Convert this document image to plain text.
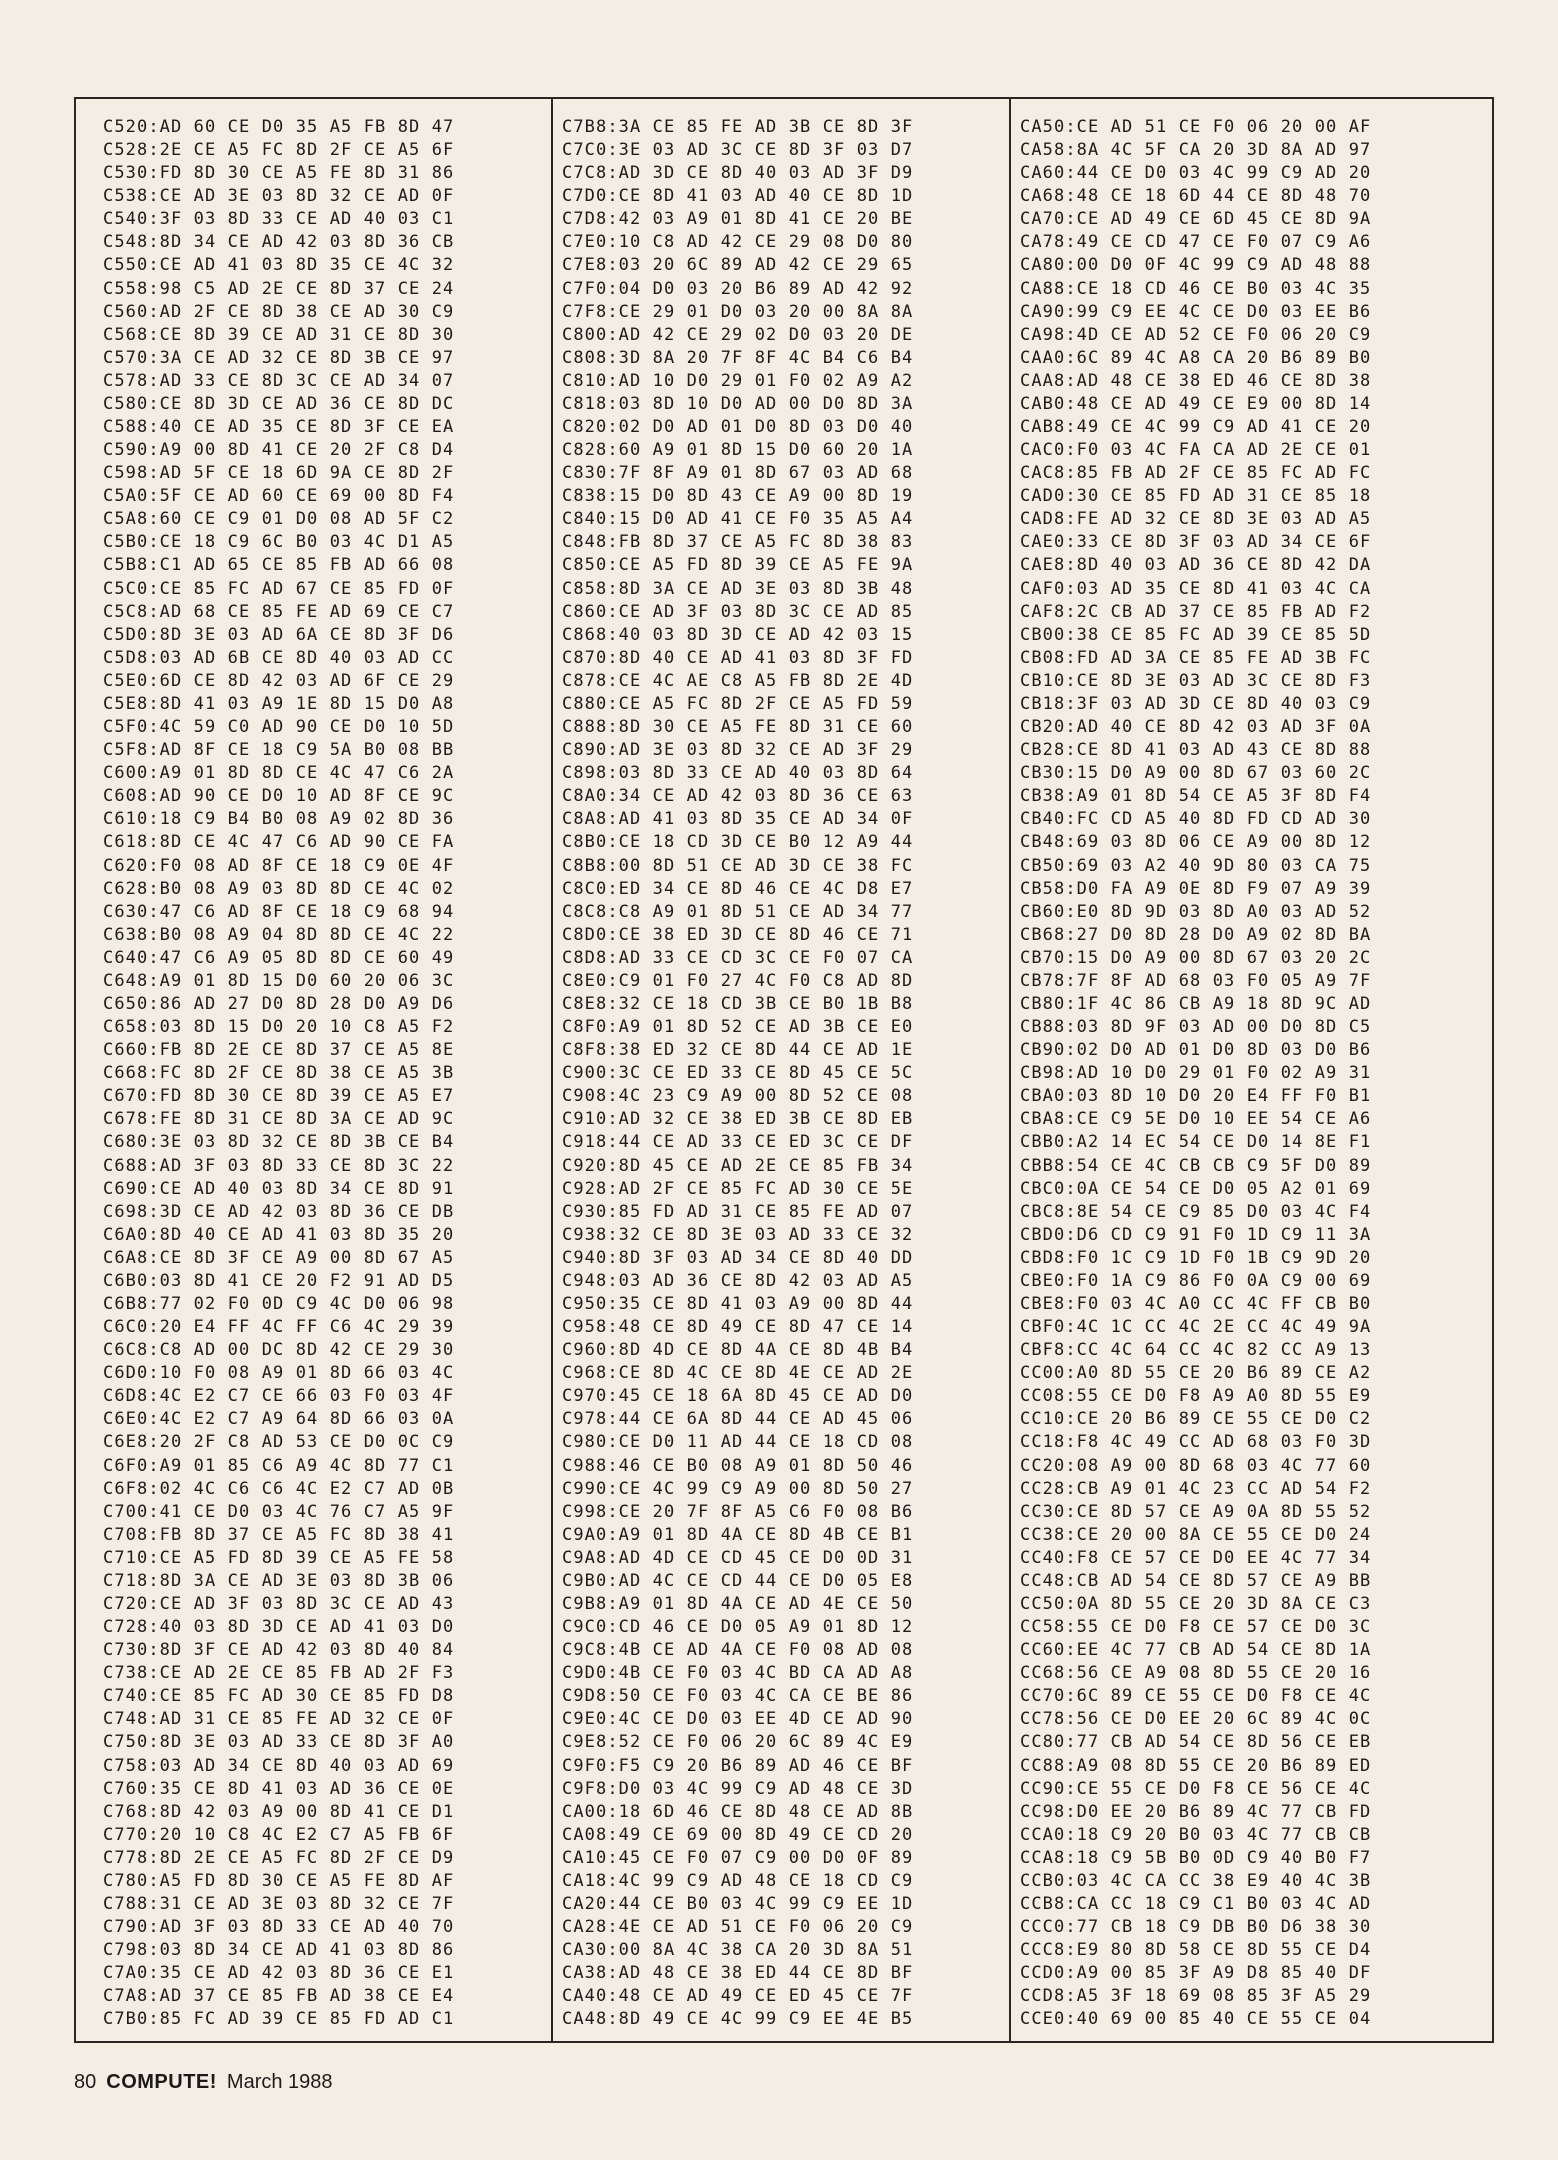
C520:AD 60 CE D0 35 A5 FB 8D 47
C528:2E CE A5 FC 8D 2F CE A5 6F
C530:FD 8D 30 CE A5 FE 8D 31 86
C538:CE AD 3E 03 8D 32 CE AD 0F
C540:3F 03 8D 33 CE AD 40 03 C1
C548:8D 34 CE AD 42 03 8D 36 CB
C550:CE AD 41 03 8D 35 CE 4C 32
C558:98 C5 AD 2E CE 8D 37 CE 24
C560:AD 2F CE 8D 38 CE AD 30 C9
C568:CE 8D 39 CE AD 31 CE 8D 30
C570:3A CE AD 32 CE 8D 3B CE 97
C578:AD 33 CE 8D 3C CE AD 34 07
C580:CE 8D 3D CE AD 36 CE 8D DC
C588:40 CE AD 35 CE 8D 3F CE EA
C590:A9 00 8D 41 CE 20 2F C8 D4
C598:AD 5F CE 18 6D 9A CE 8D 2F
C5A0:5F CE AD 60 CE 69 00 8D F4
C5A8:60 CE C9 01 D0 08 AD 5F C2
C5B0:CE 18 C9 6C B0 03 4C D1 A5
C5B8:C1 AD 65 CE 85 FB AD 66 08
C5C0:CE 85 FC AD 67 CE 85 FD 0F
C5C8:AD 68 CE 85 FE AD 69 CE C7
C5D0:8D 3E 03 AD 6A CE 8D 3F D6
C5D8:03 AD 6B CE 8D 40 03 AD CC
C5E0:6D CE 8D 42 03 AD 6F CE 29
C5E8:8D 41 03 A9 1E 8D 15 D0 A8
C5F0:4C 59 C0 AD 90 CE D0 10 5D
C5F8:AD 8F CE 18 C9 5A B0 08 BB
C600:A9 01 8D 8D CE 4C 47 C6 2A
C608:AD 90 CE D0 10 AD 8F CE 9C
C610:18 C9 B4 B0 08 A9 02 8D 36
C618:8D CE 4C 47 C6 AD 90 CE FA
C620:F0 08 AD 8F CE 18 C9 0E 4F
C628:B0 08 A9 03 8D 8D CE 4C 02
C630:47 C6 AD 8F CE 18 C9 68 94
C638:B0 08 A9 04 8D 8D CE 4C 22
C640:47 C6 A9 05 8D 8D CE 60 49
C648:A9 01 8D 15 D0 60 20 06 3C
C650:86 AD 27 D0 8D 28 D0 A9 D6
C658:03 8D 15 D0 20 10 C8 A5 F2
C660:FB 8D 2E CE 8D 37 CE A5 8E
C668:FC 8D 2F CE 8D 38 CE A5 3B
C670:FD 8D 30 CE 8D 39 CE A5 E7
C678:FE 8D 31 CE 8D 3A CE AD 9C
C680:3E 03 8D 32 CE 8D 3B CE B4
C688:AD 3F 03 8D 33 CE 8D 3C 22
C690:CE AD 40 03 8D 34 CE 8D 91
C698:3D CE AD 42 03 8D 36 CE DB
C6A0:8D 40 CE AD 41 03 8D 35 20
C6A8:CE 8D 3F CE A9 00 8D 67 A5
C6B0:03 8D 41 CE 20 F2 91 AD D5
C6B8:77 02 F0 0D C9 4C D0 06 98
C6C0:20 E4 FF 4C FF C6 4C 29 39
C6C8:C8 AD 00 DC 8D 42 CE 29 30
C6D0:10 F0 08 A9 01 8D 66 03 4C
C6D8:4C E2 C7 CE 66 03 F0 03 4F
C6E0:4C E2 C7 A9 64 8D 66 03 0A
C6E8:20 2F C8 AD 53 CE D0 0C C9
C6F0:A9 01 85 C6 A9 4C 8D 77 C1
C6F8:02 4C C6 C6 4C E2 C7 AD 0B
C700:41 CE D0 03 4C 76 C7 A5 9F
C708:FB 8D 37 CE A5 FC 8D 38 41
C710:CE A5 FD 8D 39 CE A5 FE 58
C718:8D 3A CE AD 3E 03 8D 3B 06
C720:CE AD 3F 03 8D 3C CE AD 43
C728:40 03 8D 3D CE AD 41 03 D0
C730:8D 3F CE AD 42 03 8D 40 84
C738:CE AD 2E CE 85 FB AD 2F F3
C740:CE 85 FC AD 30 CE 85 FD D8
C748:AD 31 CE 85 FE AD 32 CE 0F
C750:8D 3E 03 AD 33 CE 8D 3F A0
C758:03 AD 34 CE 8D 40 03 AD 69
C760:35 CE 8D 41 03 AD 36 CE 0E
C768:8D 42 03 A9 00 8D 41 CE D1
C770:20 10 C8 4C E2 C7 A5 FB 6F
C778:8D 2E CE A5 FC 8D 2F CE D9
C780:A5 FD 8D 30 CE A5 FE 8D AF
C788:31 CE AD 3E 03 8D 32 CE 7F
C790:AD 3F 03 8D 33 CE AD 40 70
C798:03 8D 34 CE AD 41 03 8D 86
C7A0:35 CE AD 42 03 8D 36 CE E1
C7A8:AD 37 CE 85 FB AD 38 CE E4
C7B0:85 FC AD 39 CE 85 FD AD C1
C7B8:3A CE 85 FE AD 3B CE 8D 3F
C7C0:3E 03 AD 3C CE 8D 3F 03 D7
C7C8:AD 3D CE 8D 40 03 AD 3F D9
C7D0:CE 8D 41 03 AD 40 CE 8D 1D
C7D8:42 03 A9 01 8D 41 CE 20 BE
C7E0:10 C8 AD 42 CE 29 08 D0 80
C7E8:03 20 6C 89 AD 42 CE 29 65
C7F0:04 D0 03 20 B6 89 AD 42 92
C7F8:CE 29 01 D0 03 20 00 8A 8A
C800:AD 42 CE 29 02 D0 03 20 DE
C808:3D 8A 20 7F 8F 4C B4 C6 B4
C810:AD 10 D0 29 01 F0 02 A9 A2
C818:03 8D 10 D0 AD 00 D0 8D 3A
C820:02 D0 AD 01 D0 8D 03 D0 40
C828:60 A9 01 8D 15 D0 60 20 1A
C830:7F 8F A9 01 8D 67 03 AD 68
C838:15 D0 8D 43 CE A9 00 8D 19
C840:15 D0 AD 41 CE F0 35 A5 A4
C848:FB 8D 37 CE A5 FC 8D 38 83
C850:CE A5 FD 8D 39 CE A5 FE 9A
C858:8D 3A CE AD 3E 03 8D 3B 48
C860:CE AD 3F 03 8D 3C CE AD 85
C868:40 03 8D 3D CE AD 42 03 15
C870:8D 40 CE AD 41 03 8D 3F FD
C878:CE 4C AE C8 A5 FB 8D 2E 4D
C880:CE A5 FC 8D 2F CE A5 FD 59
C888:8D 30 CE A5 FE 8D 31 CE 60
C890:AD 3E 03 8D 32 CE AD 3F 29
C898:03 8D 33 CE AD 40 03 8D 64
C8A0:34 CE AD 42 03 8D 36 CE 63
C8A8:AD 41 03 8D 35 CE AD 34 0F
C8B0:CE 18 CD 3D CE B0 12 A9 44
C8B8:00 8D 51 CE AD 3D CE 38 FC
C8C0:ED 34 CE 8D 46 CE 4C D8 E7
C8C8:C8 A9 01 8D 51 CE AD 34 77
C8D0:CE 38 ED 3D CE 8D 46 CE 71
C8D8:AD 33 CE CD 3C CE F0 07 CA
C8E0:C9 01 F0 27 4C F0 C8 AD 8D
C8E8:32 CE 18 CD 3B CE B0 1B B8
C8F0:A9 01 8D 52 CE AD 3B CE E0
C8F8:38 ED 32 CE 8D 44 CE AD 1E
C900:3C CE ED 33 CE 8D 45 CE 5C
C908:4C 23 C9 A9 00 8D 52 CE 08
C910:AD 32 CE 38 ED 3B CE 8D EB
C918:44 CE AD 33 CE ED 3C CE DF
C920:8D 45 CE AD 2E CE 85 FB 34
C928:AD 2F CE 85 FC AD 30 CE 5E
C930:85 FD AD 31 CE 85 FE AD 07
C938:32 CE 8D 3E 03 AD 33 CE 32
C940:8D 3F 03 AD 34 CE 8D 40 DD
C948:03 AD 36 CE 8D 42 03 AD A5
C950:35 CE 8D 41 03 A9 00 8D 44
C958:48 CE 8D 49 CE 8D 47 CE 14
C960:8D 4D CE 8D 4A CE 8D 4B B4
C968:CE 8D 4C CE 8D 4E CE AD 2E
C970:45 CE 18 6A 8D 45 CE AD D0
C978:44 CE 6A 8D 44 CE AD 45 06
C980:CE D0 11 AD 44 CE 18 CD 08
C988:46 CE B0 08 A9 01 8D 50 46
C990:CE 4C 99 C9 A9 00 8D 50 27
C998:CE 20 7F 8F A5 C6 F0 08 B6
C9A0:A9 01 8D 4A CE 8D 4B CE B1
C9A8:AD 4D CE CD 45 CE D0 0D 31
C9B0:AD 4C CE CD 44 CE D0 05 E8
C9B8:A9 01 8D 4A CE AD 4E CE 50
C9C0:CD 46 CE D0 05 A9 01 8D 12
C9C8:4B CE AD 4A CE F0 08 AD 08
C9D0:4B CE F0 03 4C BD CA AD A8
C9D8:50 CE F0 03 4C CA CE BE 86
C9E0:4C CE D0 03 EE 4D CE AD 90
C9E8:52 CE F0 06 20 6C 89 4C E9
C9F0:F5 C9 20 B6 89 AD 46 CE BF
C9F8:D0 03 4C 99 C9 AD 48 CE 3D
CA00:18 6D 46 CE 8D 48 CE AD 8B
CA08:49 CE 69 00 8D 49 CE CD 20
CA10:45 CE F0 07 C9 00 D0 0F 89
CA18:4C 99 C9 AD 48 CE 18 CD C9
CA20:44 CE B0 03 4C 99 C9 EE 1D
CA28:4E CE AD 51 CE F0 06 20 C9
CA30:00 8A 4C 38 CA 20 3D 8A 51
CA38:AD 48 CE 38 ED 44 CE 8D BF
CA40:48 CE AD 49 CE ED 45 CE 7F
CA48:8D 49 CE 4C 99 C9 EE 4E B5
CA50:CE AD 51 CE F0 06 20 00 AF
CA58:8A 4C 5F CA 20 3D 8A AD 97
CA60:44 CE D0 03 4C 99 C9 AD 20
CA68:48 CE 18 6D 44 CE 8D 48 70
CA70:CE AD 49 CE 6D 45 CE 8D 9A
CA78:49 CE CD 47 CE F0 07 C9 A6
CA80:00 D0 0F 4C 99 C9 AD 48 88
CA88:CE 18 CD 46 CE B0 03 4C 35
CA90:99 C9 EE 4C CE D0 03 EE B6
CA98:4D CE AD 52 CE F0 06 20 C9
CAA0:6C 89 4C A8 CA 20 B6 89 B0
CAA8:AD 48 CE 38 ED 46 CE 8D 38
CAB0:48 CE AD 49 CE E9 00 8D 14
CAB8:49 CE 4C 99 C9 AD 41 CE 20
CAC0:F0 03 4C FA CA AD 2E CE 01
CAC8:85 FB AD 2F CE 85 FC AD FC
CAD0:30 CE 85 FD AD 31 CE 85 18
CAD8:FE AD 32 CE 8D 3E 03 AD A5
CAE0:33 CE 8D 3F 03 AD 34 CE 6F
CAE8:8D 40 03 AD 36 CE 8D 42 DA
CAF0:03 AD 35 CE 8D 41 03 4C CA
CAF8:2C CB AD 37 CE 85 FB AD F2
CB00:38 CE 85 FC AD 39 CE 85 5D
CB08:FD AD 3A CE 85 FE AD 3B FC
CB10:CE 8D 3E 03 AD 3C CE 8D F3
CB18:3F 03 AD 3D CE 8D 40 03 C9
CB20:AD 40 CE 8D 42 03 AD 3F 0A
CB28:CE 8D 41 03 AD 43 CE 8D 88
CB30:15 D0 A9 00 8D 67 03 60 2C
CB38:A9 01 8D 54 CE A5 3F 8D F4
CB40:FC CD A5 40 8D FD CD AD 30
CB48:69 03 8D 06 CE A9 00 8D 12
CB50:69 03 A2 40 9D 80 03 CA 75
CB58:D0 FA A9 0E 8D F9 07 A9 39
CB60:E0 8D 9D 03 8D A0 03 AD 52
CB68:27 D0 8D 28 D0 A9 02 8D BA
CB70:15 D0 A9 00 8D 67 03 20 2C
CB78:7F 8F AD 68 03 F0 05 A9 7F
CB80:1F 4C 86 CB A9 18 8D 9C AD
CB88:03 8D 9F 03 AD 00 D0 8D C5
CB90:02 D0 AD 01 D0 8D 03 D0 B6
CB98:AD 10 D0 29 01 F0 02 A9 31
CBA0:03 8D 10 D0 20 E4 FF F0 B1
CBA8:CE C9 5E D0 10 EE 54 CE A6
CBB0:A2 14 EC 54 CE D0 14 8E F1
CBB8:54 CE 4C CB CB C9 5F D0 89
CBC0:0A CE 54 CE D0 05 A2 01 69
CBC8:8E 54 CE C9 85 D0 03 4C F4
CBD0:D6 CD C9 91 F0 1D C9 11 3A
CBD8:F0 1C C9 1D F0 1B C9 9D 20
CBE0:F0 1A C9 86 F0 0A C9 00 69
CBE8:F0 03 4C A0 CC 4C FF CB B0
CBF0:4C 1C CC 4C 2E CC 4C 49 9A
CBF8:CC 4C 64 CC 4C 82 CC A9 13
CC00:A0 8D 55 CE 20 B6 89 CE A2
CC08:55 CE D0 F8 A9 A0 8D 55 E9
CC10:CE 20 B6 89 CE 55 CE D0 C2
CC18:F8 4C 49 CC AD 68 03 F0 3D
CC20:08 A9 00 8D 68 03 4C 77 60
CC28:CB A9 01 4C 23 CC AD 54 F2
CC30:CE 8D 57 CE A9 0A 8D 55 52
CC38:CE 20 00 8A CE 55 CE D0 24
CC40:F8 CE 57 CE D0 EE 4C 77 34
CC48:CB AD 54 CE 8D 57 CE A9 BB
CC50:0A 8D 55 CE 20 3D 8A CE C3
CC58:55 CE D0 F8 CE 57 CE D0 3C
CC60:EE 4C 77 CB AD 54 CE 8D 1A
CC68:56 CE A9 08 8D 55 CE 20 16
CC70:6C 89 CE 55 CE D0 F8 CE 4C
CC78:56 CE D0 EE 20 6C 89 4C 0C
CC80:77 CB AD 54 CE 8D 56 CE EB
CC88:A9 08 8D 55 CE 20 B6 89 ED
CC90:CE 55 CE D0 F8 CE 56 CE 4C
CC98:D0 EE 20 B6 89 4C 77 CB FD
CCA0:18 C9 20 B0 03 4C 77 CB CB
CCA8:18 C9 5B B0 0D C9 40 B0 F7
CCB0:03 4C CA CC 38 E9 40 4C 3B
CCB8:CA CC 18 C9 C1 B0 03 4C AD
CCC0:77 CB 18 C9 DB B0 D6 38 30
CCC8:E9 80 8D 58 CE 8D 55 CE D4
CCD0:A9 00 85 3F A9 D8 85 40 DF
CCD8:A5 3F 18 69 08 85 3F A5 29
CCE0:40 69 00 85 40 CE 55 CE 04
80 COMPUTE! March 1988
